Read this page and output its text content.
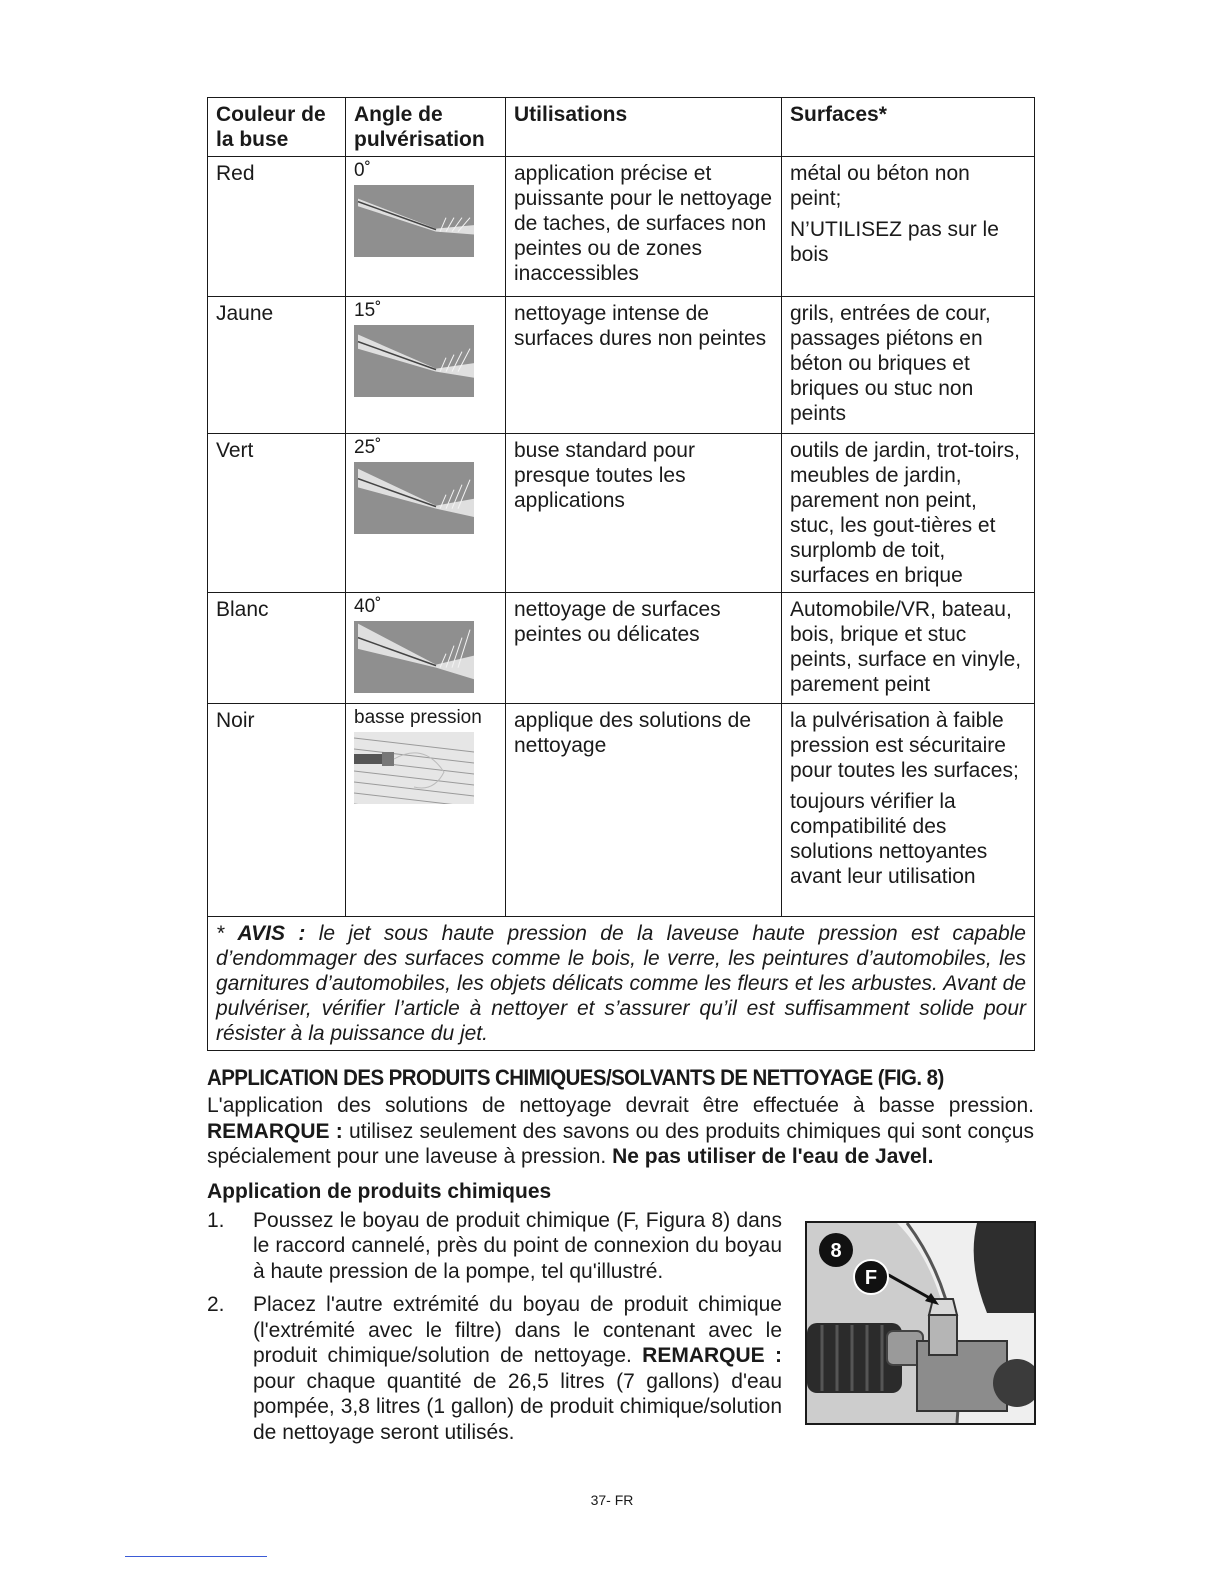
Couleur de la buse	Angle de pulvérisation	Utilisations	Surfaces*
Red	0˚	application précise et puissante pour le nettoyage de taches, de surfaces non peintes ou de zones inaccessibles	métal ou béton non peint;
N’UTILISEZ pas sur le bois

Jaune	15˚	nettoyage intense de surfaces dures non peintes	grils, entrées de cour, passages piétons en béton ou briques et briques ou stuc non peints

Vert	25˚	buse standard pour presque toutes les applications	outils de jardin, trot-toirs, meubles de jardin, parement non peint, stuc, les gout-tières et surplomb de toit, surfaces en brique

Blanc	40˚	nettoyage de surfaces peintes ou délicates	Automobile/VR, bateau, bois, brique et stuc peints, surface en vinyle, parement peint

Noir	basse pression	applique des solutions de nettoyage	la pulvérisation à faible pression est sécuritaire pour toutes les surfaces;
toujours vérifier la compatibilité des solutions nettoyantes avant leur utilisation

* AVIS : le jet sous haute pression de la laveuse haute pression est capable d’endommager des surfaces comme le bois, le verre, les peintures d’automobiles, les garnitures d’automobiles, les objets délicats comme les fleurs et les arbustes. Avant de pulvériser, vérifier l’article à nettoyer et s’assurer qu’il est suffisamment solide pour résister à la puissance du jet.			
APPLICATION DES PRODUITS CHIMIQUES/SOLVANTS DE NETTOYAGE (FIG. 8)

L'application des solutions de nettoyage devrait être effectuée à basse pression. REMARQUE : utilisez seulement des savons ou des produits chimiques qui sont conçus spécialement pour une laveuse à pression. Ne pas utiliser de l'eau de Javel.

Application de produits chimiques
1. Poussez le boyau de produit chimique (F, Figura 8) dans le raccord cannelé, près du point de connexion du boyau à haute pression de la pompe, tel qu'illustré.
2. Placez l'autre extrémité du boyau de produit chimique (l'extrémité avec le filtre) dans le contenant avec le produit chimique/solution de nettoyage. REMARQUE : pour chaque quantité de 26,5 litres (7 gallons) d'eau pompée, 3,8 litres (1 gallon) de produit chimique/solution de nettoyage seront utilisés.
8
F
37- FR
